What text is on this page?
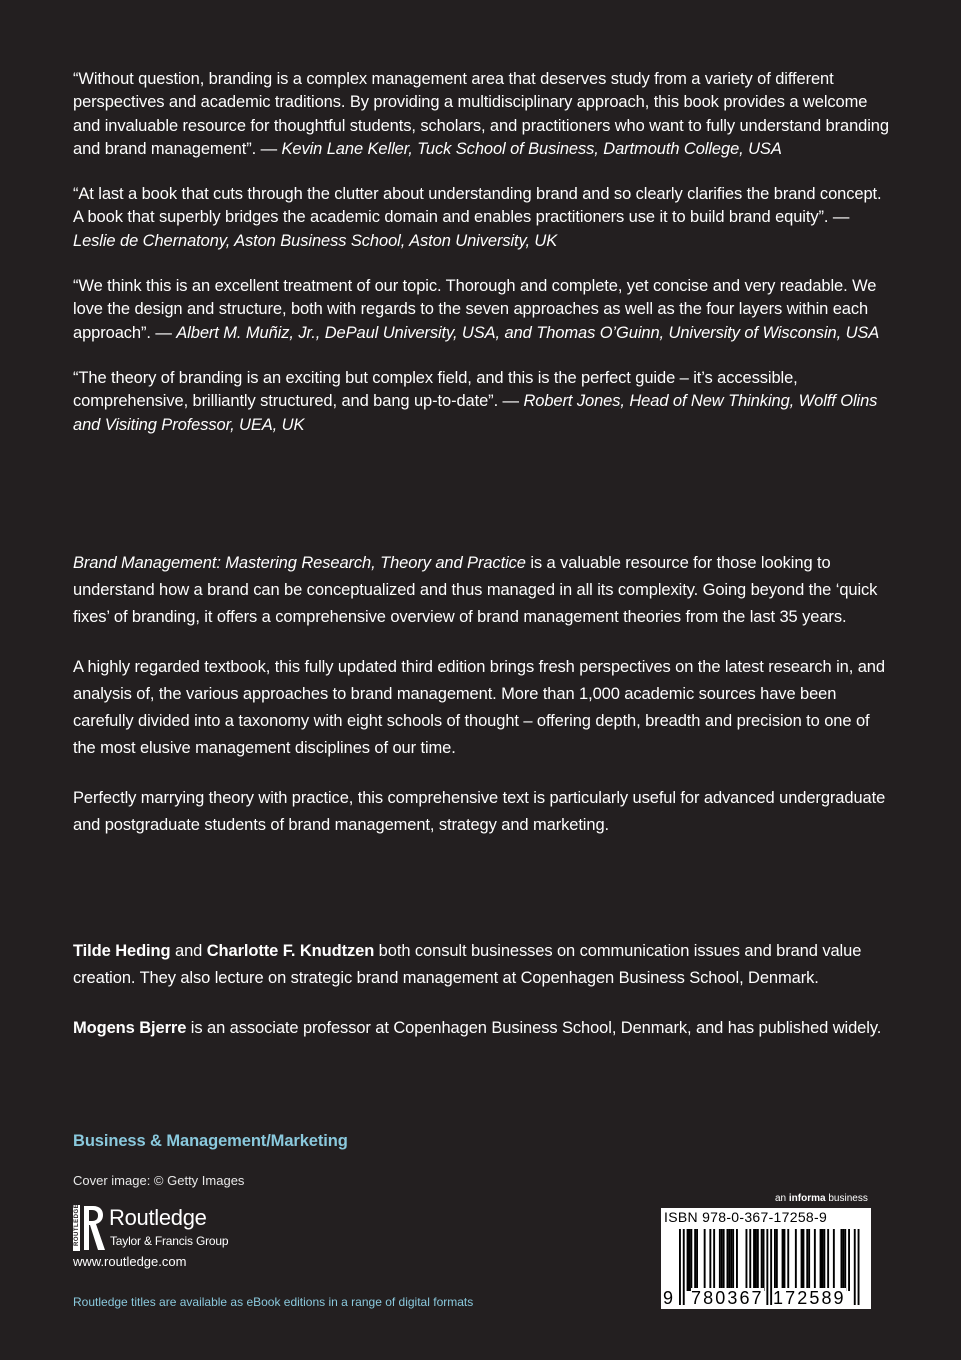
“Without question, branding is a complex management area that deserves study from a variety of different perspectives and academic traditions. By providing a multidisciplinary approach, this book provides a welcome and invaluable resource for thoughtful students, scholars, and practitioners who want to fully understand branding and brand management”. — Kevin Lane Keller, Tuck School of Business, Dartmouth College, USA

“At last a book that cuts through the clutter about understanding brand and so clearly clarifies the brand concept. A book that superbly bridges the academic domain and enables practitioners use it to build brand equity”. — Leslie de Chernatony, Aston Business School, Aston University, UK

“We think this is an excellent treatment of our topic. Thorough and complete, yet concise and very readable. We love the design and structure, both with regards to the seven approaches as well as the four layers within each approach”. — Albert M. Muñiz, Jr., DePaul University, USA, and Thomas O’Guinn, University of Wisconsin, USA

“The theory of branding is an exciting but complex field, and this is the perfect guide – it’s accessible, comprehensive, brilliantly structured, and bang up-to-date”. — Robert Jones, Head of New Thinking, Wolff Olins and Visiting Professor, UEA, UK

Brand Management: Mastering Research, Theory and Practice is a valuable resource for those looking to understand how a brand can be conceptualized and thus managed in all its complexity. Going beyond the ‘quick fixes’ of branding, it offers a comprehensive overview of brand management theories from the last 35 years.

A highly regarded textbook, this fully updated third edition brings fresh perspectives on the latest research in, and analysis of, the various approaches to brand management. More than 1,000 academic sources have been carefully divided into a taxonomy with eight schools of thought – offering depth, breadth and precision to one of the most elusive management disciplines of our time.

Perfectly marrying theory with practice, this comprehensive text is particularly useful for advanced undergraduate and postgraduate students of brand management, strategy and marketing.

Tilde Heding and Charlotte F. Knudtzen both consult businesses on communication issues and brand value creation. They also lecture on strategic brand management at Copenhagen Business School, Denmark.

Mogens Bjerre is an associate professor at Copenhagen Business School, Denmark, and has published widely.

Business & Management/Marketing
Cover image: © Getty Images
ROUTLEDGE Routledge
Taylor & Francis Group
www.routledge.com
Routledge titles are available as eBook editions in a range of digital formats
an informa business
ISBN 978-0-367-17258-9
9 780367 172589
